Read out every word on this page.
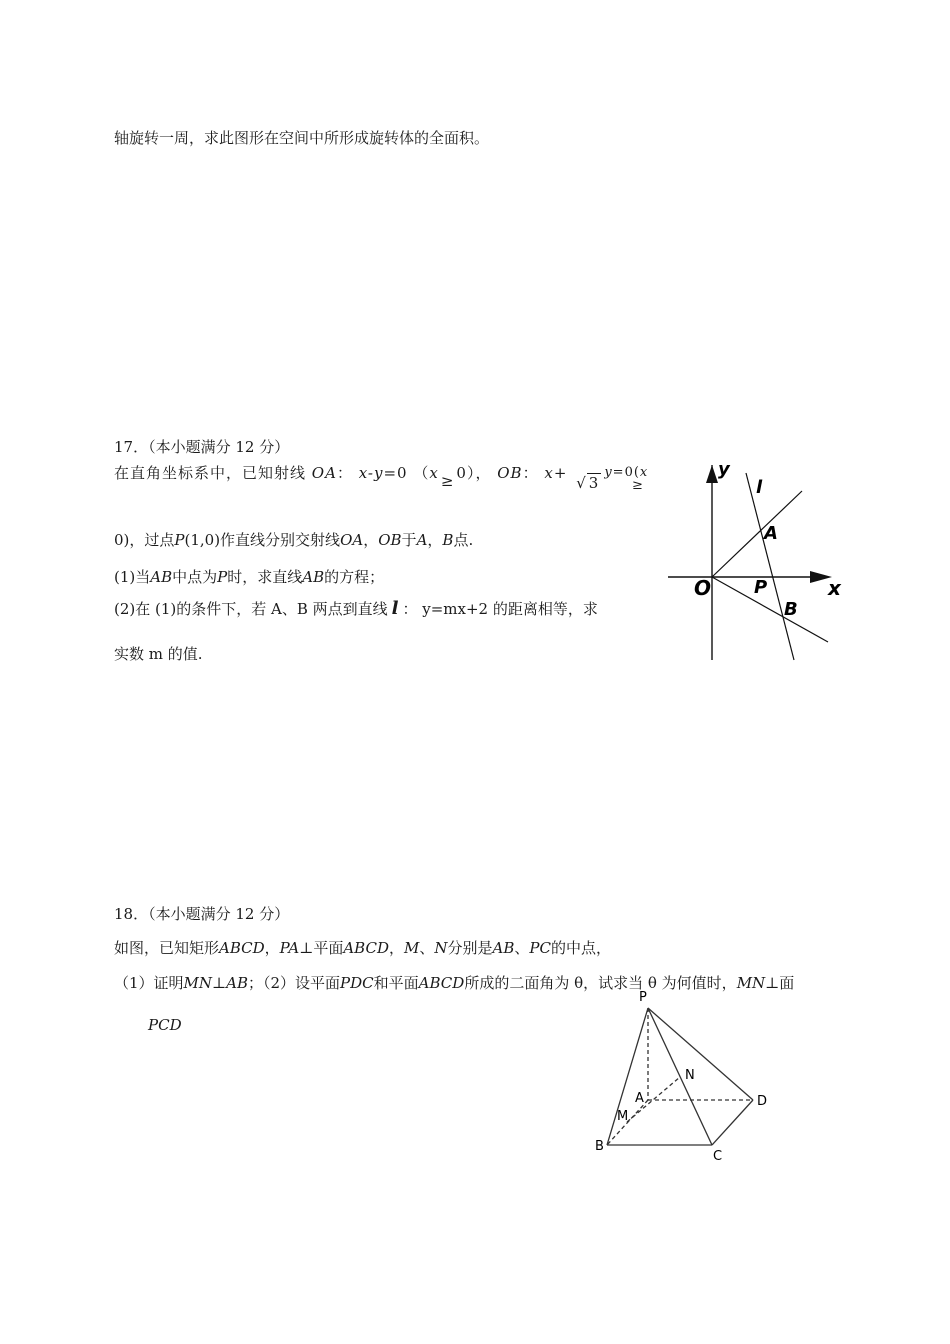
轴旋转一周，求此图形在空间中所形成旋转体的全面积。
17．（本小题满分 12 分）
在直角坐标系中，已知射线 OA： x-y=0 （x ≥ 0）， OB： x+ √ 3y=0(x
≥
0)，过点P(1,0)作直线分别交射线OA，OB于A，B点.
(1)当AB中点为P时，求直线AB的方程；
(2)在 (1)的条件下，若 A、B 两点到直线 l ： y=mx+2 的距离相等，求
实数 m 的值.
y
l
A
O P	x
B
18．（本小题满分 12 分）
如图，已知矩形ABCD，PA⊥平面ABCD，M、N分别是AB、PC的中点，
（1）证明MN⊥AB；（2）设平面PDC和平面ABCD所成的二面角为 θ，试求当 θ 为何值时，MN⊥面
PCD
P
N
A	D
M
B
C
